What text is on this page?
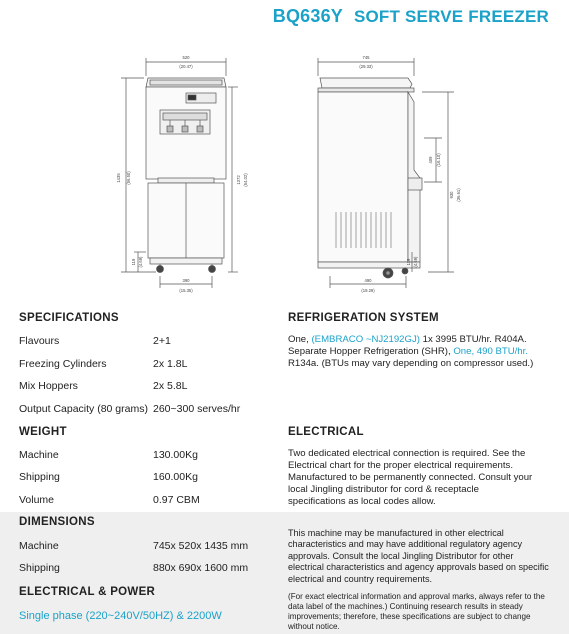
BQ636Y SOFT SERVE FREEZER
520
(20.47)
1435 (56.50)	1372 (54.02)
119 (4.69)
390
(15.35)
745
(29.33)
409 (16.10)
930 (36.61)
119 (4.69)
490
(19.29)
SPECIFICATIONS
Flavours	2+1
Freezing Cylinders	2x 1.8L
Mix Hoppers	2x 5.8L
Output Capacity (80 grams) 260~300 serves/hr
WEIGHT
Machine	130.00Kg
Shipping	160.00Kg
Volume	0.97 CBM
DIMENSIONS
Machine	745x 520x 1435 mm
Shipping	880x 690x 1600 mm
ELECTRICAL & POWER
Single phase (220~240V/50HZ) & 2200W
REFRIGERATION SYSTEM
One, (EMBRACO ~NJ2192GJ) 1x 3995 BTU/hr. R404A.
Separate Hopper Refrigeration (SHR), One, 490 BTU/hr.
R134a. (BTUs may vary depending on compressor used.)
ELECTRICAL
Two dedicated electrical connection is required. See the Electrical chart for the proper electrical requirements. Manufactured to be permanently connected. Consult your local Jingling distributor for cord & receptacle specifications as local codes allow.
This machine may be manufactured in other electrical characteristics and may have additional regulatory agency approvals. Consult the local Jingling Distributor for other electrical characteristics and agency approvals based on specific electrical and country requirements.
(For exact electrical information and approval marks, always refer to the data label of the machines.) Continuing research results in steady improvements; therefore, these specifications are subject to change without notice.
